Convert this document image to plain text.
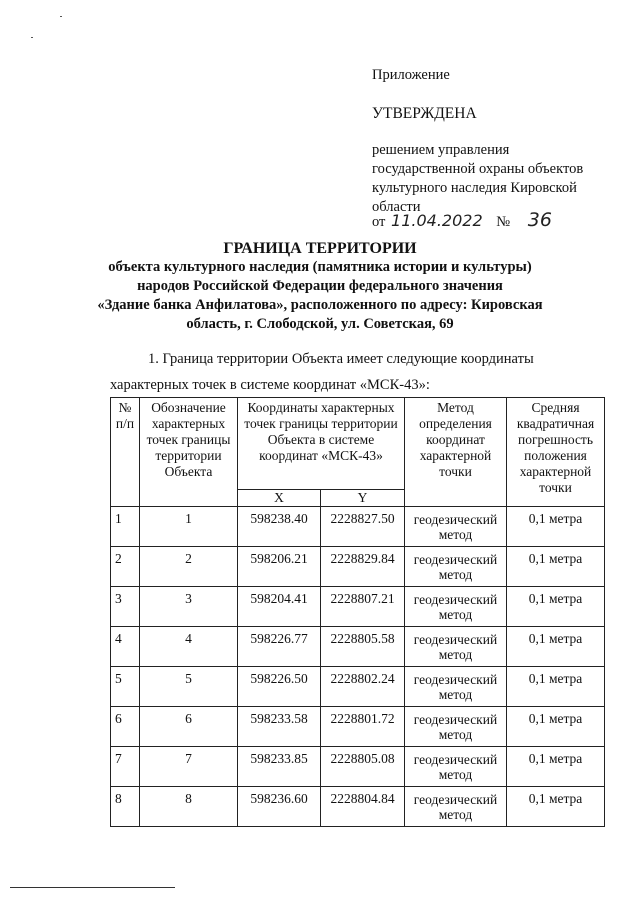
Приложение
УТВЕРЖДЕНА
решением управления
государственной охраны объектов
культурного наследия Кировской
области
от 11.04.2022 № 36
ГРАНИЦА ТЕРРИТОРИИ
объекта культурного наследия (памятника истории и культуры)
народов Российской Федерации федерального значения
«Здание банка Анфилатова», расположенного по адресу: Кировская
область, г. Слободской, ул. Советская, 69
1. Граница территории Объекта имеет следующие координаты
характерных точек в системе координат «МСК-43»:
№ п/п	Обозначение характерных точек границы территории Объекта	Координаты характерных точек границы территории Объекта в системе координат «МСК-43»		Метод определения координат характерной точки	Средняя квадратичная погрешность положения характерной точки
		X	Y		
1	1	598238.40	2228827.50	геодезический метод	0,1 метра
2	2	598206.21	2228829.84	геодезический метод	0,1 метра
3	3	598204.41	2228807.21	геодезический метод	0,1 метра
4	4	598226.77	2228805.58	геодезический метод	0,1 метра
5	5	598226.50	2228802.24	геодезический метод	0,1 метра
6	6	598233.58	2228801.72	геодезический метод	0,1 метра
7	7	598233.85	2228805.08	геодезический метод	0,1 метра
8	8	598236.60	2228804.84	геодезический метод	0,1 метра
